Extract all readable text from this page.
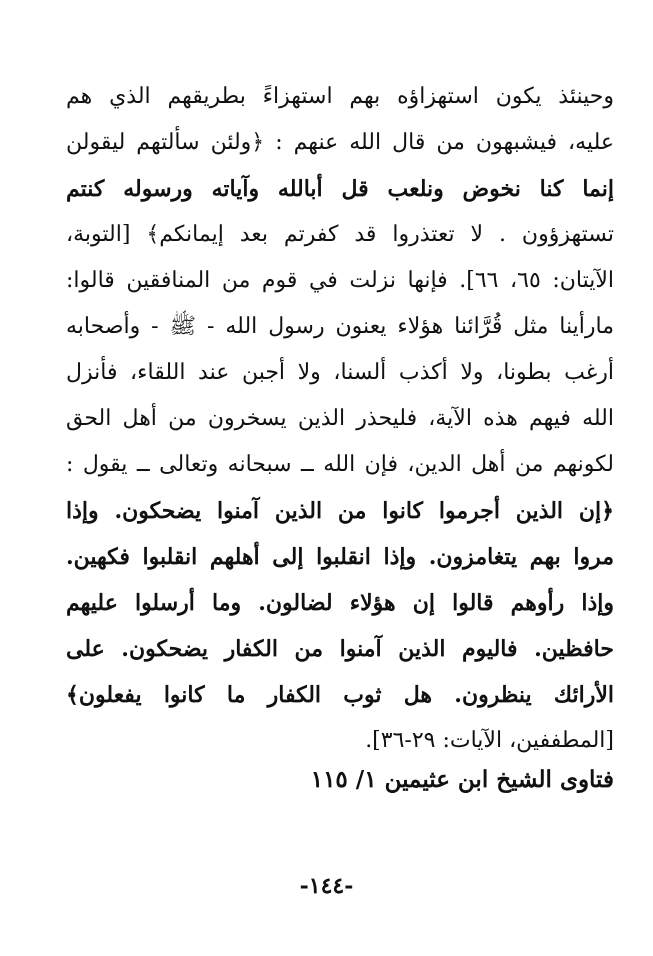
وحينئذ يكون استهزاؤه بهم استهزاءً بطريقهم الذي هم
عليه، فيشبهون من قال الله عنهم : ﴿ولئن سألتهم ليقولن
إنما كنا نخوض ونلعب قل أبالله وآياته ورسوله كنتم
تستهزؤون . لا تعتذروا قد كفرتم بعد إيمانكم﴾ [التوبة،
الآيتان: ٦٥، ٦٦]. فإنها نزلت في قوم من المنافقين قالوا:
مارأينا مثل قُرَّائنا هؤلاء يعنون رسول الله - ﷺ - وأصحابه
أرغب بطونا، ولا أكذب ألسنا، ولا أجبن عند اللقاء، فأنزل
الله فيهم هذه الآية، فليحذر الذين يسخرون من أهل الحق
لكونهم من أهل الدين، فإن الله ــ سبحانه وتعالى ــ يقول :
﴿إن الذين أجرموا كانوا من الذين آمنوا يضحكون. وإذا
مروا بهم يتغامزون. وإذا انقلبوا إلى أهلهم انقلبوا فكهين.
وإذا رأوهم قالوا إن هؤلاء لضالون. وما أرسلوا عليهم
حافظين. فاليوم الذين آمنوا من الكفار يضحكون. على
الأرائك ينظرون. هل ثوب الكفار ما كانوا يفعلون﴾
[المطففين، الآيات: ٢٩-٣٦].
فتاوى الشيخ ابن عثيمين ١/ ١١٥
-١٤٤-
